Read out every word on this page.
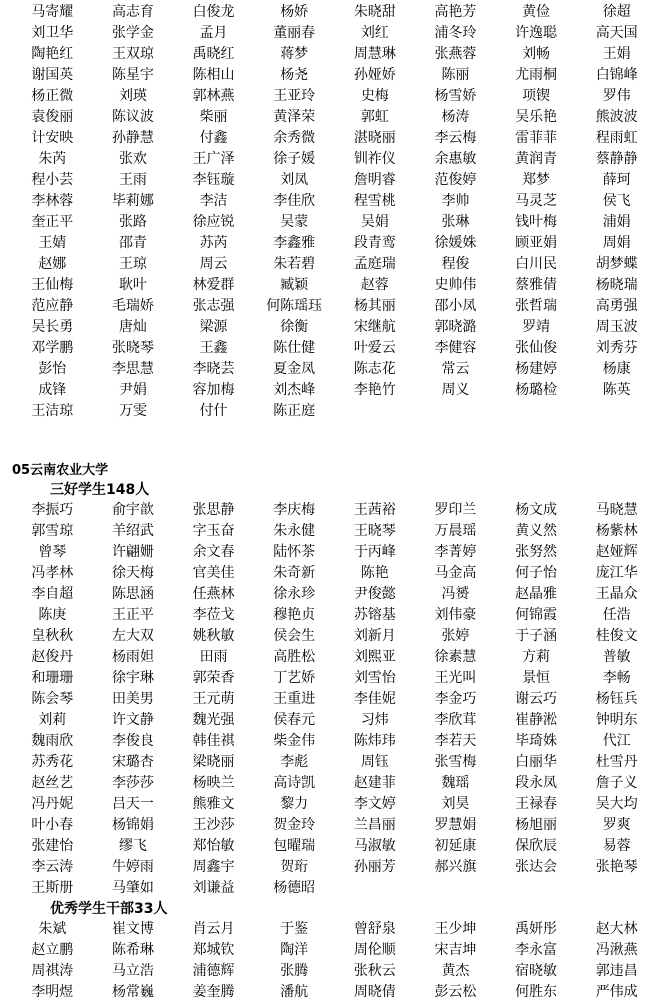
马寄耀	高志育	白俊龙	杨娇	朱晓甜	高艳芳	黄俭	徐超
刘卫华	张学金	孟月	董丽春	刘红	浦冬玲	许逸聪	高天国
陶艳红	王双琼	禹晓红	蒋梦	周慧琳	张燕蓉	刘畅	王娟
谢国英	陈星宇	陈相山	杨尧	孙娅娇	陈丽	尤雨桐	白锦峰
杨正微	刘瑛	郭林燕	王亚玲	史梅	杨雪娇	项锲	罗伟
袁俊丽	陈议波	柴丽	黄泽荣	郭虹	杨涛	吴乐艳	熊波波
计安映	孙静慧	付鑫	余秀微	湛晓丽	李云梅	雷菲菲	程雨虹
朱芮	张欢	王广泽	徐子媛	钏祚仪	余惠敏	黄润青	蔡静静
程小芸	王雨	李钰璇	刘凤	詹明睿	范俊婷	郑梦	薛珂
李林蓉	毕莉娜	李洁	李佳欣	程雪桃	李帅	马灵芝	侯飞
奎正平	张路	徐应锐	吴蒙	吴娟	张琳	钱叶梅	浦娟
王婧	邵青	苏芮	李鑫雅	段青鸾	徐媛姝	顾亚娟	周娟
赵娜	王琼	周云	朱若碧	孟庭瑞	程俊	白川民	胡梦蝶
王仙梅	耿叶	林爱群	臧颖	赵蓉	史帅伟	蔡雅倩	杨晓瑞
范应静	毛瑞娇	张志强	何陈瑶珏	杨其丽	邵小凤	张哲瑞	高勇强
吴长勇	唐灿	梁源	徐衡	宋继航	郭晓潞	罗靖	周玉波
邓学鹏	张晓琴	王鑫	陈仕健	叶爱云	李健容	张仙俊	刘秀芬
彭怡	李思慧	李晓芸	夏金凤	陈志花	常云	杨建婷	杨康
成锋	尹娟	容加梅	刘杰峰	李艳竹	周义	杨璐检	陈英
王洁琼	万雯	付什	陈正庭
05云南农业大学
三好学生148人
李振巧	俞宇歆	张思静	李庆梅	王茜裕	罗印兰	杨文成	马晓慧
郭雪琼	羊绍武	字玉奋	朱永健	王晓琴	万晨瑶	黄义然	杨紫林
曾琴	许翩姗	余文春	陆怀茶	于丙峰	李菁婷	张努然	赵娅辉
冯孝林	徐天梅	官美佳	朱奇新	陈艳	马金高	何子怡	庞江华
李自超	陈思涵	任燕林	徐永珍	尹俊懿	冯赟	赵晶雅	王晶众
陈庚	王正平	李莅戈	穆艳贞	苏镕基	刘伟豪	何锦霞	任浩
皇秋秋	左大双	姚秋敏	侯会生	刘新月	张婷	于子涵	桂俊文
赵俊丹	杨雨妲	田雨	高胜松	刘熙亚	徐素慧	方莉	普敏
和珊珊	徐宇琳	郭荣香	丁艺娇	刘雪怡	王光叫	景恒	李畅
陈会琴	田美男	王元萌	王重进	李佳妮	李金巧	谢云巧	杨钰兵
刘莉	许文静	魏光强	侯春元	习炜	李欣茸	崔静淞	钟明东
魏雨欣	李俊良	韩佳祺	柴金伟	陈炜玮	李若天	毕琦姝	代江
苏秀花	宋璐杏	梁晓丽	李彪	周钰	张雪梅	白丽华	杜雪丹
赵丝艺	李莎莎	杨映兰	高诗凯	赵建菲	魏瑶	段永凤	詹子义
冯丹妮	吕天一	熊雅文	黎力	李文婷	刘昊	王禄春	吴大均
叶小春	杨锦娟	王沙莎	贺金玲	兰昌丽	罗慧娟	杨旭丽	罗爽
张建怡	缪飞	郑怡敏	包曜瑞	马淑敏	初延康	保欣辰	易蓉
李云涛	牛婷雨	周鑫宇	贺珩	孙丽芳	郝兴旗	张达会	张艳琴
王斯册	马肇如	刘谦益	杨德昭
优秀学生干部33人
朱斌	崔文博	肖云月	于鉴	曾舒泉	王少坤	禹妍彤	赵大林
赵立鹏	陈希琳	郑城钦	陶洋	周伦顺	宋吉坤	李永富	冯湫燕
周祺涛	马立浩	浦德辉	张腾	张秋云	黄杰	宿晓敏	郭违昌
李明煜	杨常巍	姜奎腾	潘航	周晓倩	彭云松	何胜东	严伟成
